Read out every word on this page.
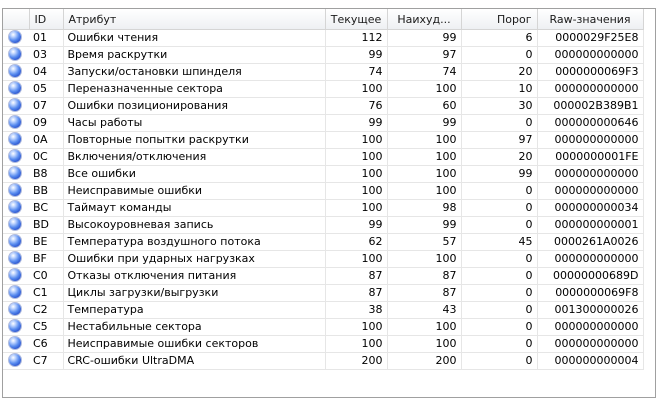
	ID	Атрибут	Текущее	Наихуд...	Порог	Raw-значения
	01	Ошибки чтения	112	99	6	0000029F25E8
	03	Время раскрутки	99	97	0	000000000000
	04	Запуски/остановки шпинделя	74	74	20	0000000069F3
	05	Переназначенные сектора	100	100	10	000000000000
	07	Ошибки позиционирования	76	60	30	000002B389B1
	09	Часы работы	99	99	0	000000000646
	0A	Повторные попытки раскрутки	100	100	97	000000000000
	0C	Включения/отключения	100	100	20	0000000001FE
	B8	Все ошибки	100	100	99	000000000000
	BB	Неисправимые ошибки	100	100	0	000000000000
	BC	Таймаут команды	100	98	0	000000000034
	BD	Высокоуровневая запись	99	99	0	000000000001
	BE	Температура воздушного потока	62	57	45	0000261A0026
	BF	Ошибки при ударных нагрузках	100	100	0	000000000000
	C0	Отказы отключения питания	87	87	0	00000000689D
	C1	Циклы загрузки/выгрузки	87	87	0	0000000069F8
	C2	Температура	38	43	0	001300000026
	C5	Нестабильные сектора	100	100	0	000000000000
	C6	Неисправимые ошибки секторов	100	100	0	000000000000
	C7	CRC-ошибки UltraDMA	200	200	0	000000000004
